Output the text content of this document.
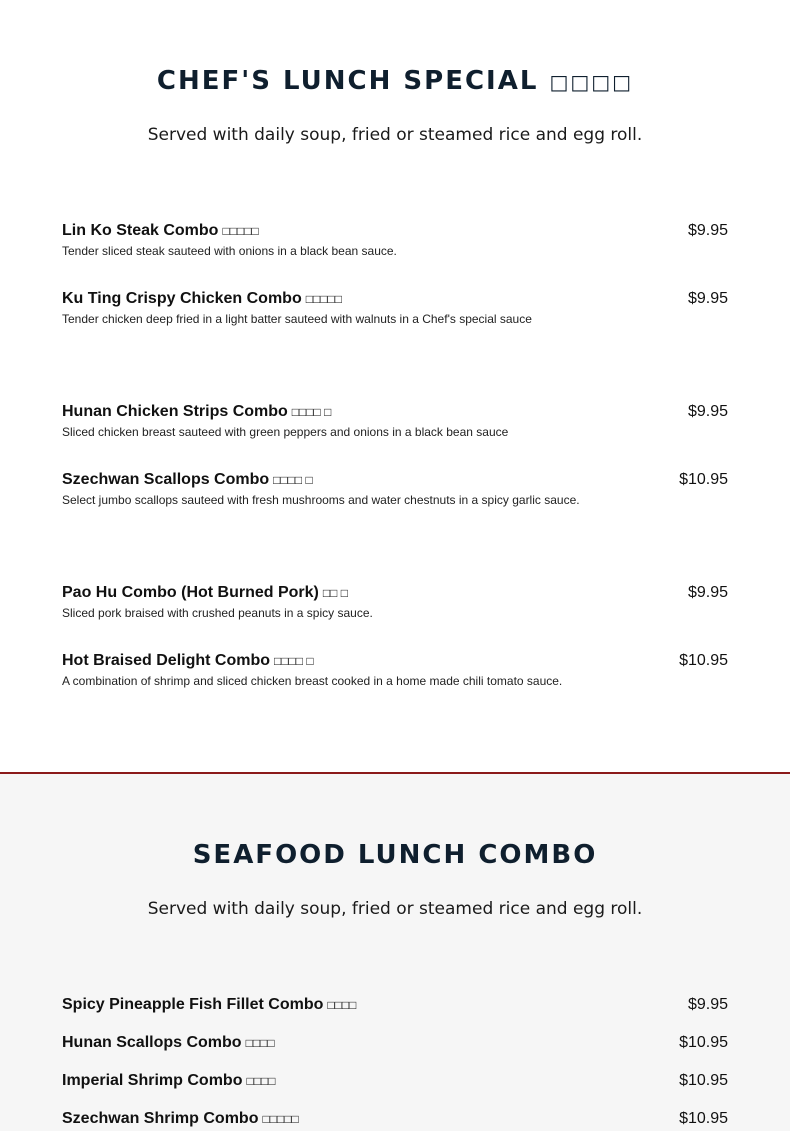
CHEF'S LUNCH SPECIAL □□□□

Served with daily soup, fried or steamed rice and egg roll.

Lin Ko Steak Combo □□□□□	$9.95
Tender sliced steak sauteed with onions in a black bean sauce.
Ku Ting Crispy Chicken Combo □□□□□	$9.95
Tender chicken deep fried in a light batter sauteed with walnuts in a Chef's special sauce
Hunan Chicken Strips Combo □□□□ □	$9.95
Sliced chicken breast sauteed with green peppers and onions in a black bean sauce
Szechwan Scallops Combo □□□□ □	$10.95
Select jumbo scallops sauteed with fresh mushrooms and water chestnuts in a spicy garlic sauce.
Pao Hu Combo (Hot Burned Pork) □□ □	$9.95
Sliced pork braised with crushed peanuts in a spicy sauce.
Hot Braised Delight Combo □□□□ □	$10.95
A combination of shrimp and sliced chicken breast cooked in a home made chili tomato sauce.
SEAFOOD LUNCH COMBO

Served with daily soup, fried or steamed rice and egg roll.

Spicy Pineapple Fish Fillet Combo □□□□	$9.95
Hunan Scallops Combo □□□□	$10.95
Imperial Shrimp Combo □□□□	$10.95
Szechwan Shrimp Combo □□□□□	$10.95
